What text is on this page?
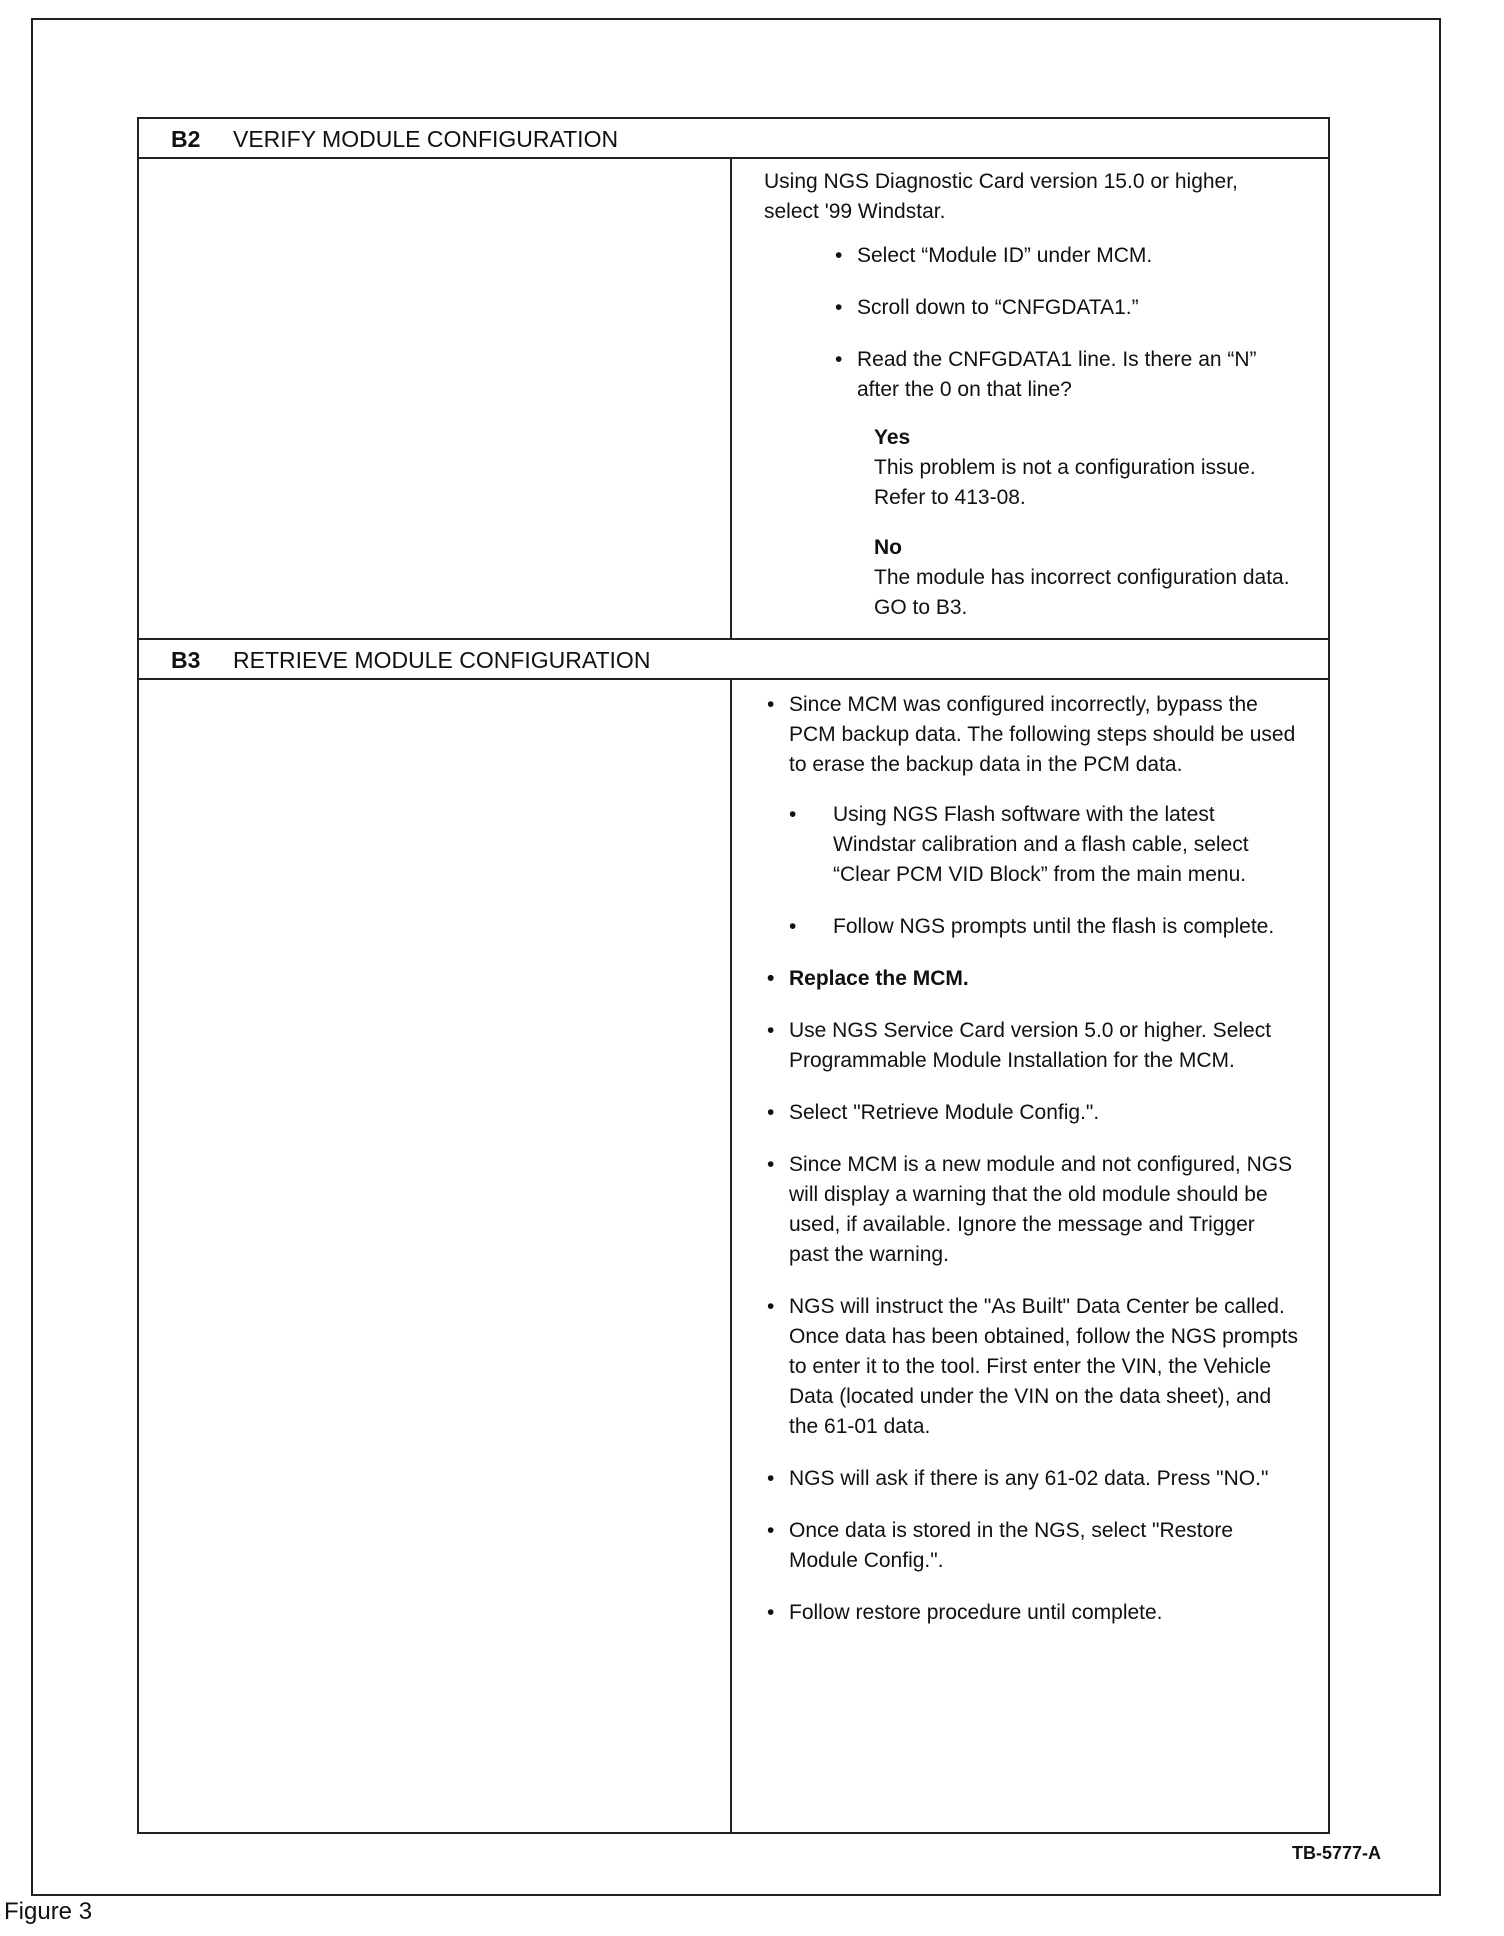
B2 VERIFY MODULE CONFIGURATION

Using NGS Diagnostic Card version 15.0 or higher, select '99 Windstar.

• Select “Module ID” under MCM.

• Scroll down to “CNFGDATA1.”

• Read the CNFGDATA1 line. Is there an “N” after the 0 on that line?

Yes

This problem is not a configuration issue. Refer to 413-08.

No

The module has incorrect configuration data. GO to B3.

B3 RETRIEVE MODULE CONFIGURATION

• Since MCM was configured incorrectly, bypass the PCM backup data. The following steps should be used to erase the backup data in the PCM data.

• Using NGS Flash software with the latest Windstar calibration and a flash cable, select “Clear PCM VID Block” from the main menu.

• Follow NGS prompts until the flash is complete.

• Replace the MCM.

• Use NGS Service Card version 5.0 or higher. Select Programmable Module Installation for the MCM.

• Select "Retrieve Module Config.".

• Since MCM is a new module and not configured, NGS will display a warning that the old module should be used, if available. Ignore the message and Trigger past the warning.

• NGS will instruct the "As Built" Data Center be called. Once data has been obtained, follow the NGS prompts to enter it to the tool. First enter the VIN, the Vehicle Data (located under the VIN on the data sheet), and the 61-01 data.

• NGS will ask if there is any 61-02 data. Press "NO."

• Once data is stored in the NGS, select "Restore Module Config.".

• Follow restore procedure until complete.

TB-5777-A
Figure 3
